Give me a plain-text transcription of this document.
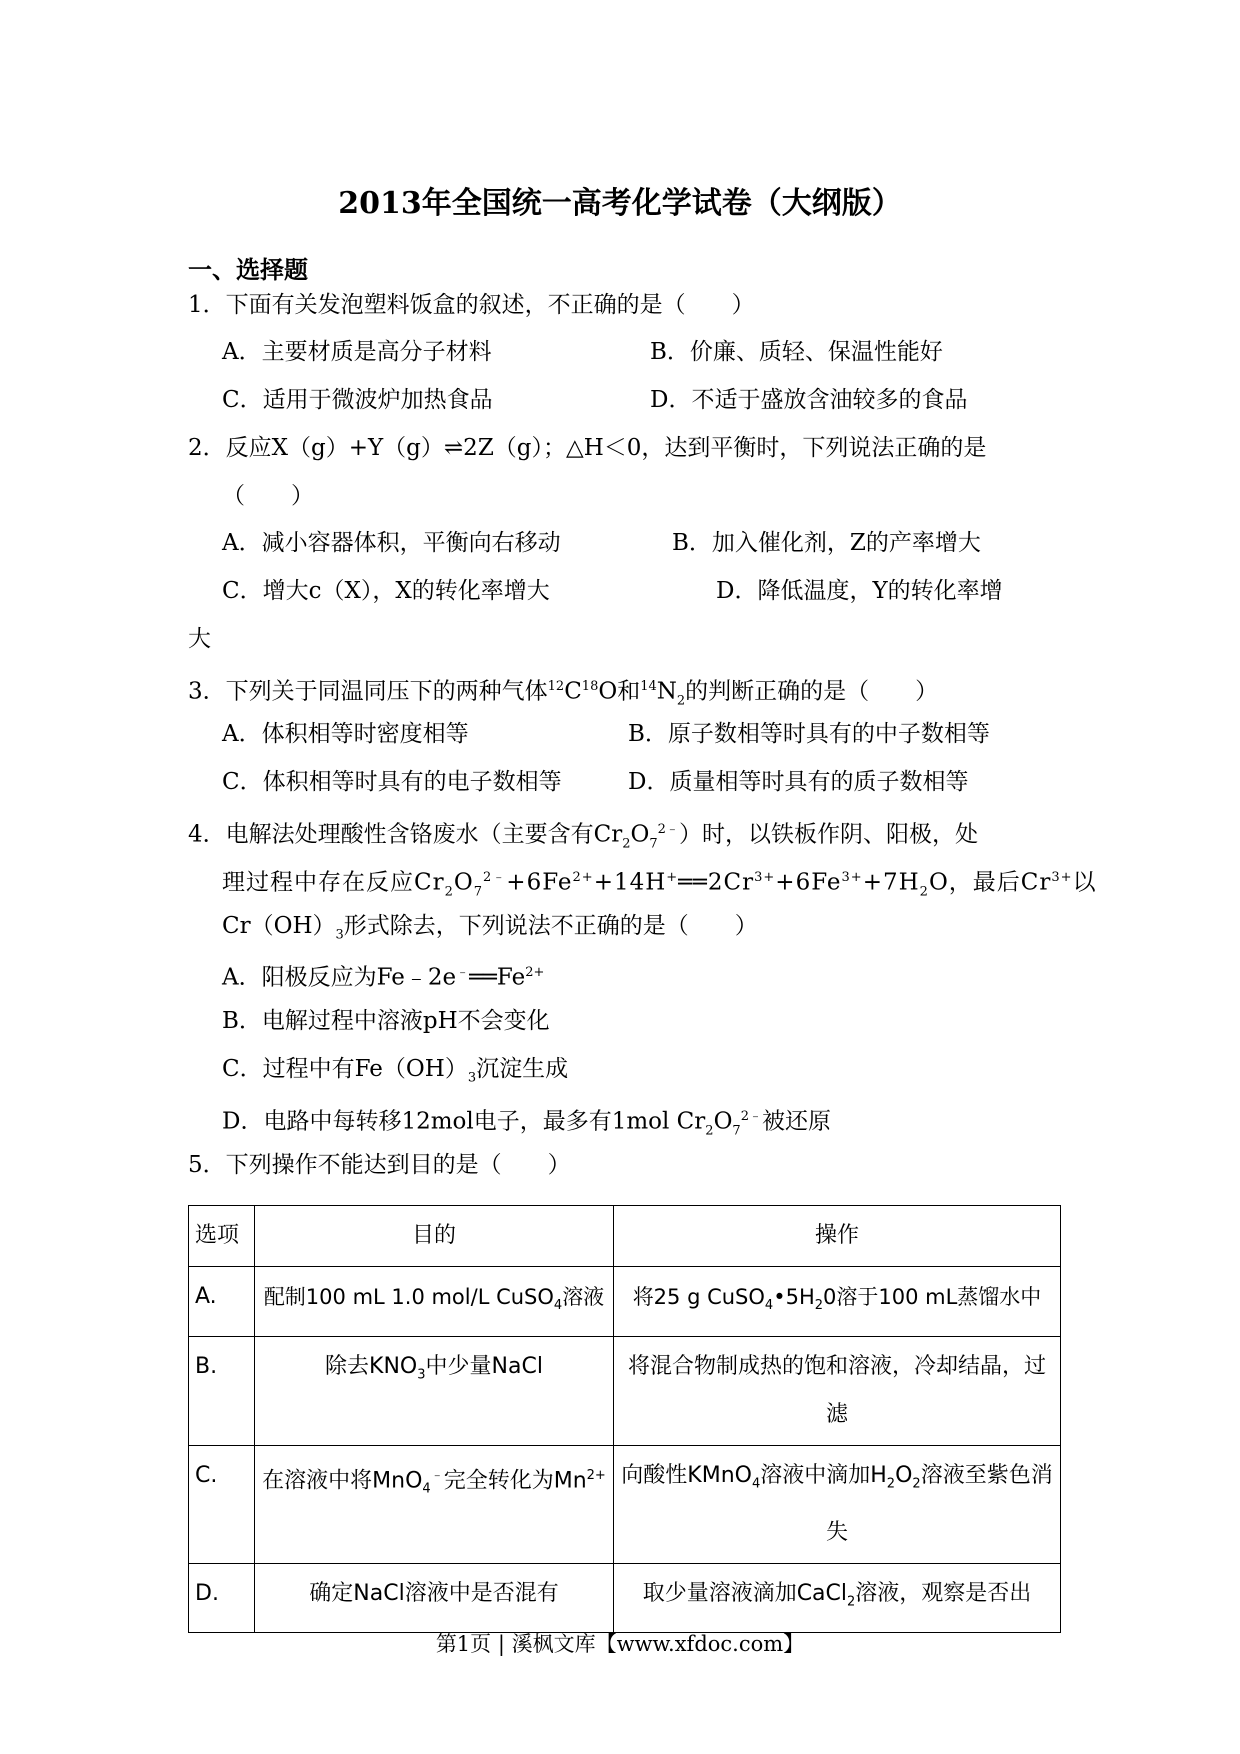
2013年全国统一高考化学试卷（大纲版）
一、选择题
1．下面有关发泡塑料饭盒的叙述，不正确的是（　　）
A．主要材质是高分子材料	B．价廉、质轻、保温性能好
C．适用于微波炉加热食品	D．不适于盛放含油较多的食品
2．反应X（g）+Y（g）⇌2Z（g）；△H＜0，达到平衡时，下列说法正确的是
（　　）
A．减小容器体积，平衡向右移动	B．加入催化剂，Z的产率增大
C．增大c（X），X的转化率增大	D．降低温度，Y的转化率增
大
3．下列关于同温同压下的两种气体$^{12}C^{18}O$和$^{14}N_2$的判断正确的是（　　）
A．体积相等时密度相等	B．原子数相等时具有的中子数相等
C．体积相等时具有的电子数相等	D．质量相等时具有的质子数相等
4．电解法处理酸性含铬废水（主要含有$Cr_2O_7^{2﹣}$）时，以铁板作阴、阳极，处
理过程中存在反应$Cr_2O_7^{2﹣}+6Fe^{2+}+14H^+══2Cr^{3+}+6Fe^{3+}+7H_2O$，最后$Cr^{3+}$以
$Cr(OH)_3$形式除去，下列说法不正确的是（　　）
A．阳极反应为$Fe﹣2e^﹣══Fe^{2+}$
B．电解过程中溶液pH不会变化
C．过程中有$Fe(OH)_3$沉淀生成
D．电路中每转移12mol电子，最多有1mol $Cr_2O_7^{2﹣}$被还原
5．下列操作不能达到目的是（　　）
选项	目的	操作
A.	配制100 mL 1.0 mol/L CuSO$_4$溶液	将25 g $CuSO_4•5H_20$溶于100 mL蒸馏水中
B.	除去$KNO_3$中少量NaCl	将混合物制成热的饱和溶液，冷却结晶，过滤
C.	在溶液中将MnO$_4$﹣完全转化为$Mn^{2+}$	向酸性KMnO$_4$溶液中滴加$H_2O_2$溶液至紫色消失
D.	确定NaCl溶液中是否混有	取少量溶液滴加CaCl$_2$溶液，观察是否出
第1页 | 溪枫文库【www.xfdoc.com】
